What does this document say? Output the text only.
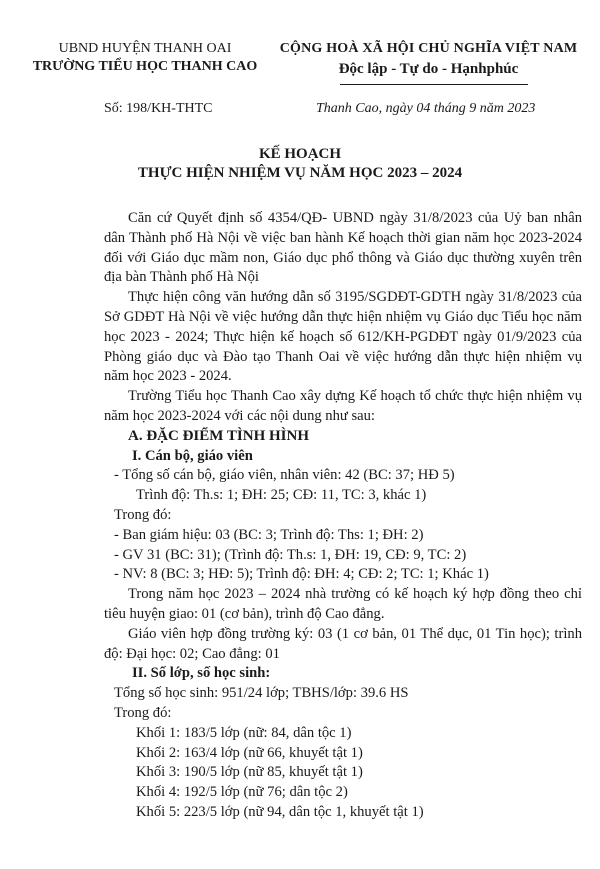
UBND HUYỆN THANH OAI
TRƯỜNG TIỂU HỌC THANH CAO
CỘNG HOÀ XÃ HỘI CHỦ NGHĨA VIỆT NAM
Độc lập - Tự do - Hạnhphúc
Số: 198/KH-THTC	Thanh Cao, ngày 04 tháng 9 năm 2023
KẾ HOẠCH
THỰC HIỆN NHIỆM VỤ NĂM HỌC 2023 – 2024

Căn cứ Quyết định số 4354/QĐ- UBND ngày 31/8/2023 của Uỷ ban nhân dân Thành phố Hà Nội về việc ban hành Kế hoạch thời gian năm học 2023-2024 đối với Giáo dục mầm non, Giáo dục phổ thông và Giáo dục thường xuyên trên địa bàn Thành phố Hà Nội

Thực hiện công văn hướng dẫn số 3195/SGDĐT-GDTH ngày 31/8/2023 của Sở GDĐT Hà Nội về việc hướng dẫn thực hiện nhiệm vụ Giáo dục Tiểu học năm học 2023 - 2024; Thực hiện kế hoạch số 612/KH-PGDĐT ngày 01/9/2023 của Phòng giáo dục và Đào tạo Thanh Oai về việc hướng dẫn thực hiện nhiệm vụ năm học 2023 - 2024.

Trường Tiểu học Thanh Cao xây dựng Kế hoạch tổ chức thực hiện nhiệm vụ năm học 2023-2024 với các nội dung như sau:

A. ĐẶC ĐIỂM TÌNH HÌNH

I. Cán bộ, giáo viên

- Tổng số cán bộ, giáo viên, nhân viên: 42 (BC: 37; HĐ 5)

Trình độ: Th.s: 1; ĐH: 25; CĐ: 11, TC: 3, khác 1)

Trong đó:

- Ban giám hiệu: 03 (BC: 3; Trình độ: Ths: 1; ĐH: 2)

- GV 31 (BC: 31); (Trình độ: Th.s: 1, ĐH: 19, CĐ: 9, TC: 2)

- NV: 8 (BC: 3; HĐ: 5); Trình độ: ĐH: 4; CĐ: 2; TC: 1; Khác 1)

Trong năm học 2023 – 2024 nhà trường có kế hoạch ký hợp đồng theo chỉ tiêu huyện giao: 01 (cơ bản), trình độ Cao đẳng.

Giáo viên hợp đồng trường ký: 03 (1 cơ bản, 01 Thể dục, 01 Tin học); trình độ: Đại học: 02; Cao đẳng: 01

II. Số lớp, số học sinh:

Tổng số học sinh: 951/24 lớp; TBHS/lớp: 39.6 HS

Trong đó:

Khối 1: 183/5 lớp (nữ: 84, dân tộc 1)

Khối 2: 163/4 lớp (nữ 66, khuyết tật 1)

Khối 3: 190/5 lớp (nữ 85, khuyết tật 1)

Khối 4: 192/5 lớp (nữ 76; dân tộc 2)

Khối 5: 223/5 lớp (nữ 94, dân tộc 1, khuyết tật 1)
